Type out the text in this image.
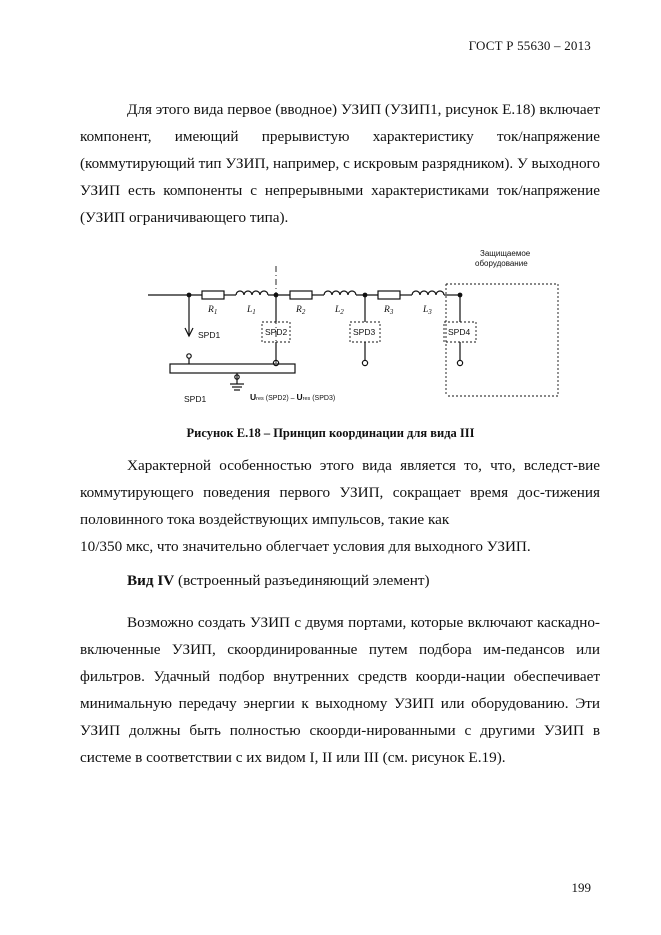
ГОСТ Р 55630 – 2013

Для этого вида первое (вводное) УЗИП (УЗИП1, рисунок Е.18) включает компонент, имеющий прерывистую характеристику ток/напряжение (коммутирующий тип УЗИП, например, с искровым разрядником). У выходного УЗИП есть компоненты с непрерывными характеристиками ток/напряжение (УЗИП ограничивающего типа).

Защищаемое
оборудование
$R_1$	$L_1$	$R_2$	$L_2$	$R_3$	$L_3$
SPD1	SPD2	SPD3	SPD4
SPD1	Ures (SPD2) – Ures (SPD3)
Рисунок Е.18 – Принцип координации для вида III

Характерной особенностью этого вида является то, что, вследст-вие коммутирующего поведения первого УЗИП, сокращает время дос-тижения половинного тока воздействующих импульсов, такие как

10/350 мкс, что значительно облегчает условия для выходного УЗИП.

Вид IV (встроенный разъединяющий элемент)

Возможно создать УЗИП с двумя портами, которые включают каскадно-включенные УЗИП, скоординированные путем подбора им-педансов или фильтров. Удачный подбор внутренних средств коорди-нации обеспечивает минимальную передачу энергии к выходному УЗИП или оборудованию. Эти УЗИП должны быть полностью скоорди-нированными с другими УЗИП в системе в соответствии с их видом I, II или III (см. рисунок Е.19).

199
